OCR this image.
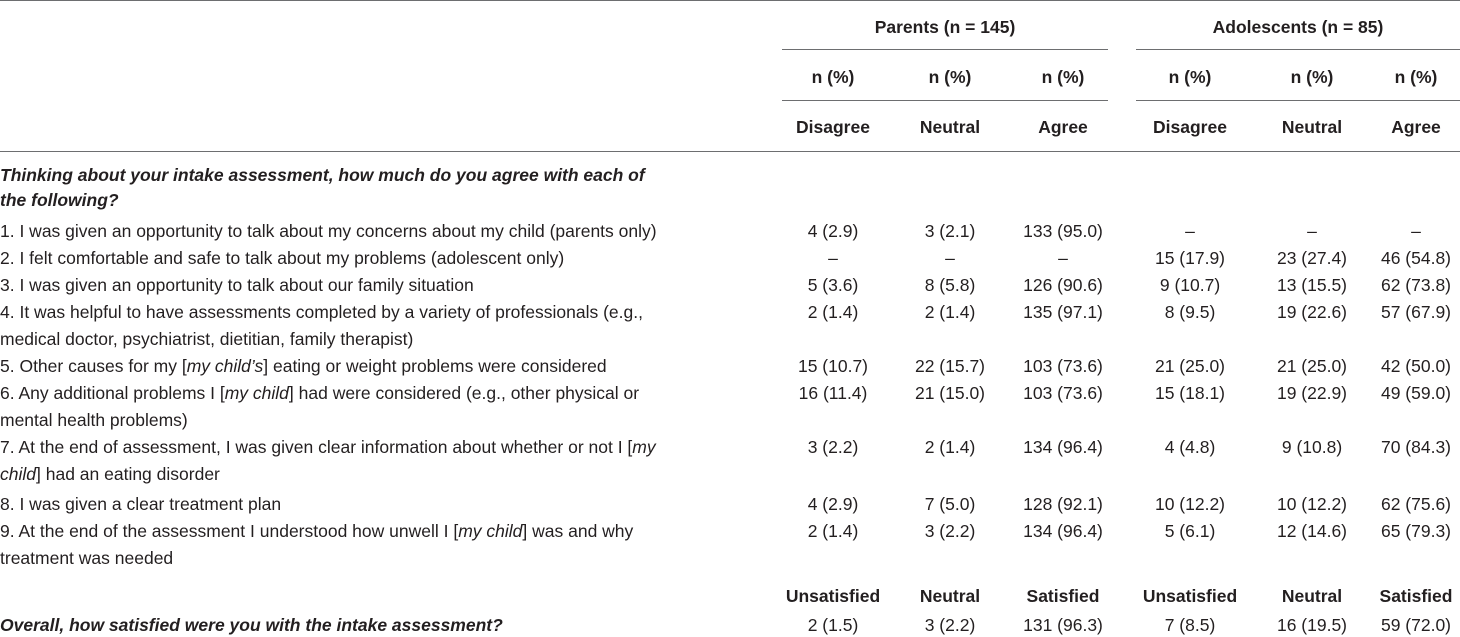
Parents (n = 145)	Adolescents (n = 85)
n (%)	n (%)	n (%)	n (%)	n (%)	n (%)
Disagree	Neutral	Agree	Disagree	Neutral	Agree
Thinking about your intake assessment, how much do you agree with each of
the following?
1. I was given an opportunity to talk about my concerns about my child (parents only)	4 (2.9)	3 (2.1)	133 (95.0)	–	–	–
2. I felt comfortable and safe to talk about my problems (adolescent only)	–	–	–	15 (17.9)	23 (27.4)	46 (54.8)
3. I was given an opportunity to talk about our family situation	5 (3.6)	8 (5.8)	126 (90.6)	9 (10.7)	13 (15.5)	62 (73.8)
4. It was helpful to have assessments completed by a variety of professionals (e.g.,
medical doctor, psychiatrist, dietitian, family therapist)
2 (1.4)	2 (1.4)	135 (97.1)	8 (9.5)	19 (22.6)	57 (67.9)
5. Other causes for my [my child’s] eating or weight problems were considered	15 (10.7)	22 (15.7)	103 (73.6)	21 (25.0)	21 (25.0)	42 (50.0)
6. Any additional problems I [my child] had were considered (e.g., other physical or
mental health problems)
16 (11.4)	21 (15.0)	103 (73.6)	15 (18.1)	19 (22.9)	49 (59.0)
7. At the end of assessment, I was given clear information about whether or not I [my
child] had an eating disorder
3 (2.2)	2 (1.4)	134 (96.4)	4 (4.8)	9 (10.8)	70 (84.3)
8. I was given a clear treatment plan	4 (2.9)	7 (5.0)	128 (92.1)	10 (12.2)	10 (12.2)	62 (75.6)
9. At the end of the assessment I understood how unwell I [my child] was and why
treatment was needed
2 (1.4)	3 (2.2)	134 (96.4)	5 (6.1)	12 (14.6)	65 (79.3)
Unsatisfied	Neutral	Satisfied	Unsatisfied	Neutral	Satisfied
Overall, how satisfied were you with the intake assessment?	2 (1.5)	3 (2.2)	131 (96.3)	7 (8.5)	16 (19.5)	59 (72.0)
